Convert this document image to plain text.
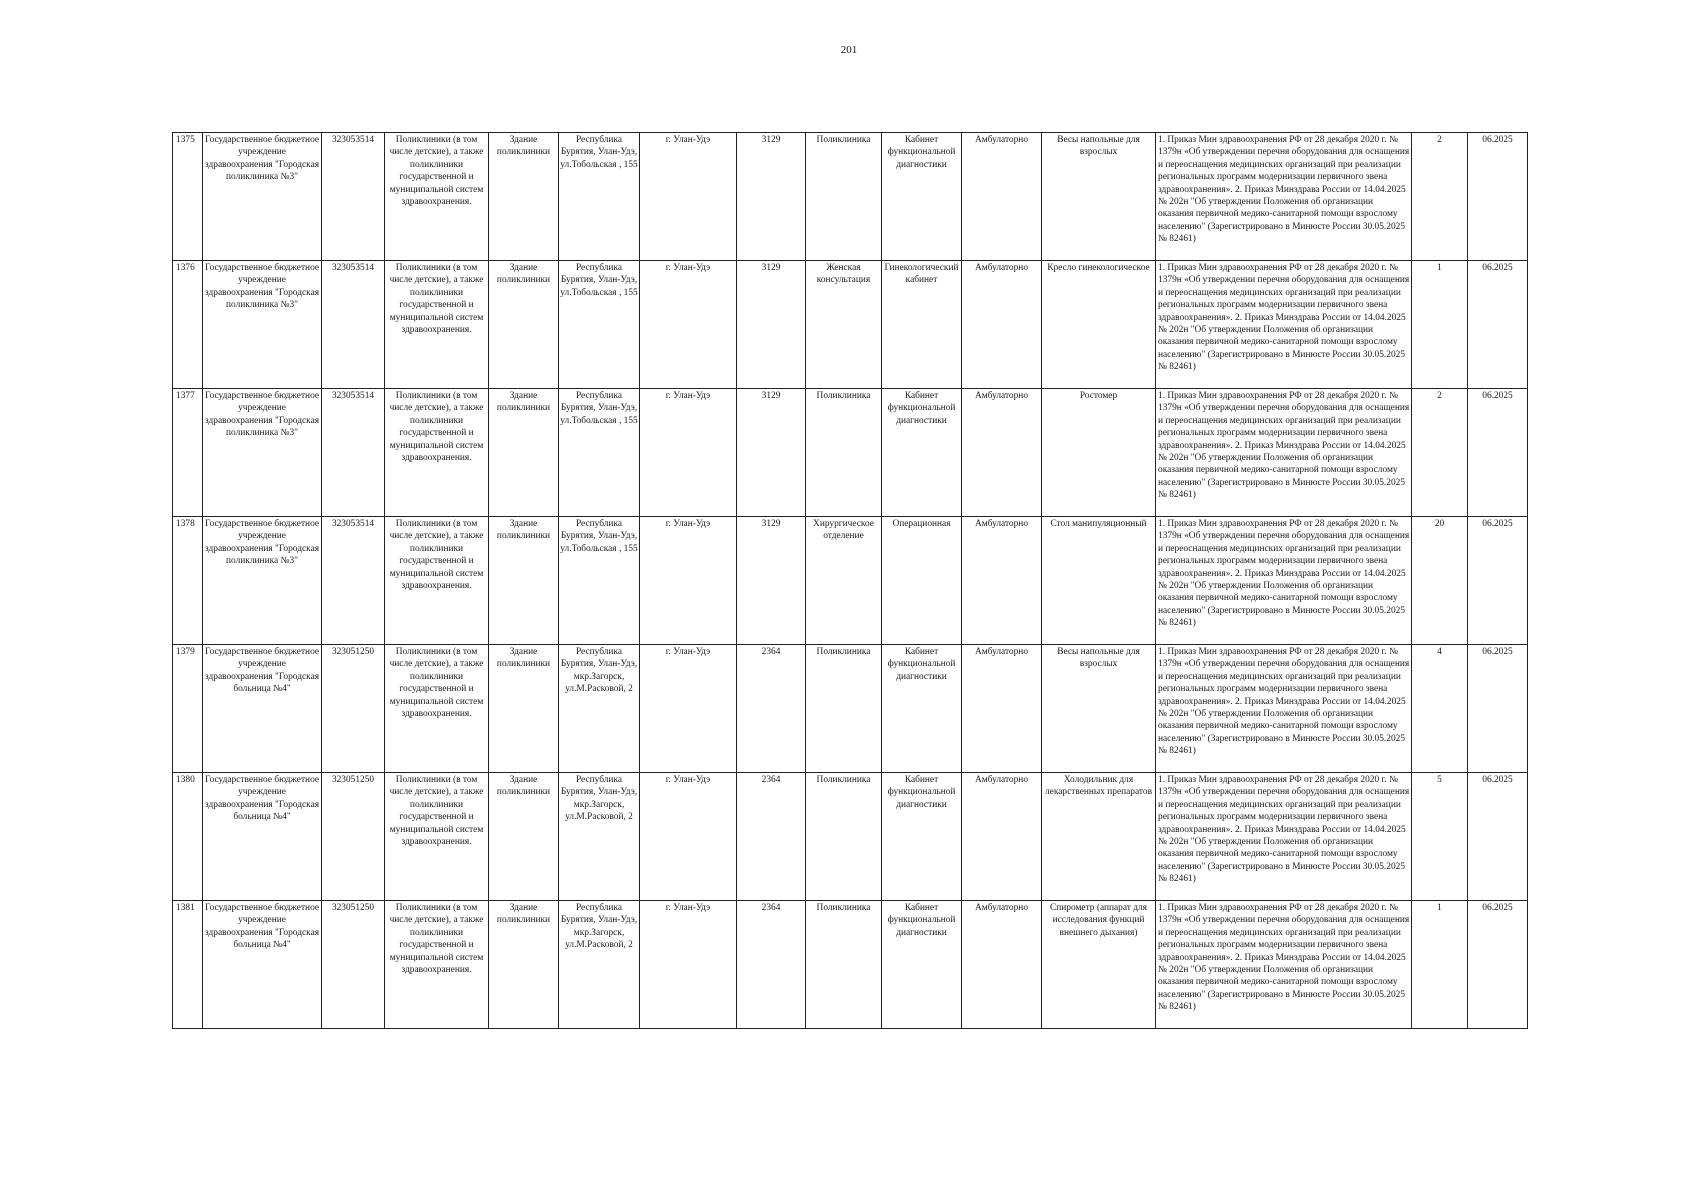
201
1375	Государственное бюджетное учреждение здравоохранения "Городская поликлиника №3"	323053514	Поликлиники (в том числе детские), а также поликлиники государственной и муниципальной систем здравоохранения.	Здание поликлиники	Республика Бурятия, Улан-Удэ, ул.Тобольская , 155	г. Улан-Удэ	3129	Поликлиника	Кабинет функциональной диагностики	Амбулаторно	Весы напольные для взрослых	1. Приказ Мин здравоохранения РФ от 28 декабря 2020 г. № 1379н «Об утверждении перечня оборудования для оснащения и переоснащения медицинских организаций при реализации региональных программ модернизации первичного звена здравоохранения». 2. Приказ Минздрава России от 14.04.2025 № 202н "Об утверждении Положения об организации оказания первичной медико-санитарной помощи взрослому населению" (Зарегистрировано в Минюсте России 30.05.2025 № 82461)	2	06.2025
1376	Государственное бюджетное учреждение здравоохранения "Городская поликлиника №3"	323053514	Поликлиники (в том числе детские), а также поликлиники государственной и муниципальной систем здравоохранения.	Здание поликлиники	Республика Бурятия, Улан-Удэ, ул.Тобольская , 155	г. Улан-Удэ	3129	Женская консультация	Гинекологический кабинет	Амбулаторно	Кресло гинекологическое	1. Приказ Мин здравоохранения РФ от 28 декабря 2020 г. № 1379н «Об утверждении перечня оборудования для оснащения и переоснащения медицинских организаций при реализации региональных программ модернизации первичного звена здравоохранения». 2. Приказ Минздрава России от 14.04.2025 № 202н "Об утверждении Положения об организации оказания первичной медико-санитарной помощи взрослому населению" (Зарегистрировано в Минюсте России 30.05.2025 № 82461)	1	06.2025
1377	Государственное бюджетное учреждение здравоохранения "Городская поликлиника №3"	323053514	Поликлиники (в том числе детские), а также поликлиники государственной и муниципальной систем здравоохранения.	Здание поликлиники	Республика Бурятия, Улан-Удэ, ул.Тобольская , 155	г. Улан-Удэ	3129	Поликлиника	Кабинет функциональной диагностики	Амбулаторно	Ростомер	1. Приказ Мин здравоохранения РФ от 28 декабря 2020 г. № 1379н «Об утверждении перечня оборудования для оснащения и переоснащения медицинских организаций при реализации региональных программ модернизации первичного звена здравоохранения». 2. Приказ Минздрава России от 14.04.2025 № 202н "Об утверждении Положения об организации оказания первичной медико-санитарной помощи взрослому населению" (Зарегистрировано в Минюсте России 30.05.2025 № 82461)	2	06.2025
1378	Государственное бюджетное учреждение здравоохранения "Городская поликлиника №3"	323053514	Поликлиники (в том числе детские), а также поликлиники государственной и муниципальной систем здравоохранения.	Здание поликлиники	Республика Бурятия, Улан-Удэ, ул.Тобольская , 155	г. Улан-Удэ	3129	Хирургическое отделение	Операционная	Амбулаторно	Стол манипуляционный	1. Приказ Мин здравоохранения РФ от 28 декабря 2020 г. № 1379н «Об утверждении перечня оборудования для оснащения и переоснащения медицинских организаций при реализации региональных программ модернизации первичного звена здравоохранения». 2. Приказ Минздрава России от 14.04.2025 № 202н "Об утверждении Положения об организации оказания первичной медико-санитарной помощи взрослому населению" (Зарегистрировано в Минюсте России 30.05.2025 № 82461)	20	06.2025
1379	Государственное бюджетное учреждение здравоохранения "Городская больница №4"	323051250	Поликлиники (в том числе детские), а также поликлиники государственной и муниципальной систем здравоохранения.	Здание поликлиники	Республика Бурятия, Улан-Удэ, мкр.Загорск, ул.М.Расковой, 2	г. Улан-Удэ	2364	Поликлиника	Кабинет функциональной диагностики	Амбулаторно	Весы напольные для взрослых	1. Приказ Мин здравоохранения РФ от 28 декабря 2020 г. № 1379н «Об утверждении перечня оборудования для оснащения и переоснащения медицинских организаций при реализации региональных программ модернизации первичного звена здравоохранения». 2. Приказ Минздрава России от 14.04.2025 № 202н "Об утверждении Положения об организации оказания первичной медико-санитарной помощи взрослому населению" (Зарегистрировано в Минюсте России 30.05.2025 № 82461)	4	06.2025
1380	Государственное бюджетное учреждение здравоохранения "Городская больница №4"	323051250	Поликлиники (в том числе детские), а также поликлиники государственной и муниципальной систем здравоохранения.	Здание поликлиники	Республика Бурятия, Улан-Удэ, мкр.Загорск, ул.М.Расковой, 2	г. Улан-Удэ	2364	Поликлиника	Кабинет функциональной диагностики	Амбулаторно	Холодильник для лекарственных препаратов	1. Приказ Мин здравоохранения РФ от 28 декабря 2020 г. № 1379н «Об утверждении перечня оборудования для оснащения и переоснащения медицинских организаций при реализации региональных программ модернизации первичного звена здравоохранения». 2. Приказ Минздрава России от 14.04.2025 № 202н "Об утверждении Положения об организации оказания первичной медико-санитарной помощи взрослому населению" (Зарегистрировано в Минюсте России 30.05.2025 № 82461)	5	06.2025
1381	Государственное бюджетное учреждение здравоохранения "Городская больница №4"	323051250	Поликлиники (в том числе детские), а также поликлиники государственной и муниципальной систем здравоохранения.	Здание поликлиники	Республика Бурятия, Улан-Удэ, мкр.Загорск, ул.М.Расковой, 2	г. Улан-Удэ	2364	Поликлиника	Кабинет функциональной диагностики	Амбулаторно	Спирометр (аппарат для исследования функций внешнего дыхания)	1. Приказ Мин здравоохранения РФ от 28 декабря 2020 г. № 1379н «Об утверждении перечня оборудования для оснащения и переоснащения медицинских организаций при реализации региональных программ модернизации первичного звена здравоохранения». 2. Приказ Минздрава России от 14.04.2025 № 202н "Об утверждении Положения об организации оказания первичной медико-санитарной помощи взрослому населению" (Зарегистрировано в Минюсте России 30.05.2025 № 82461)	1	06.2025
